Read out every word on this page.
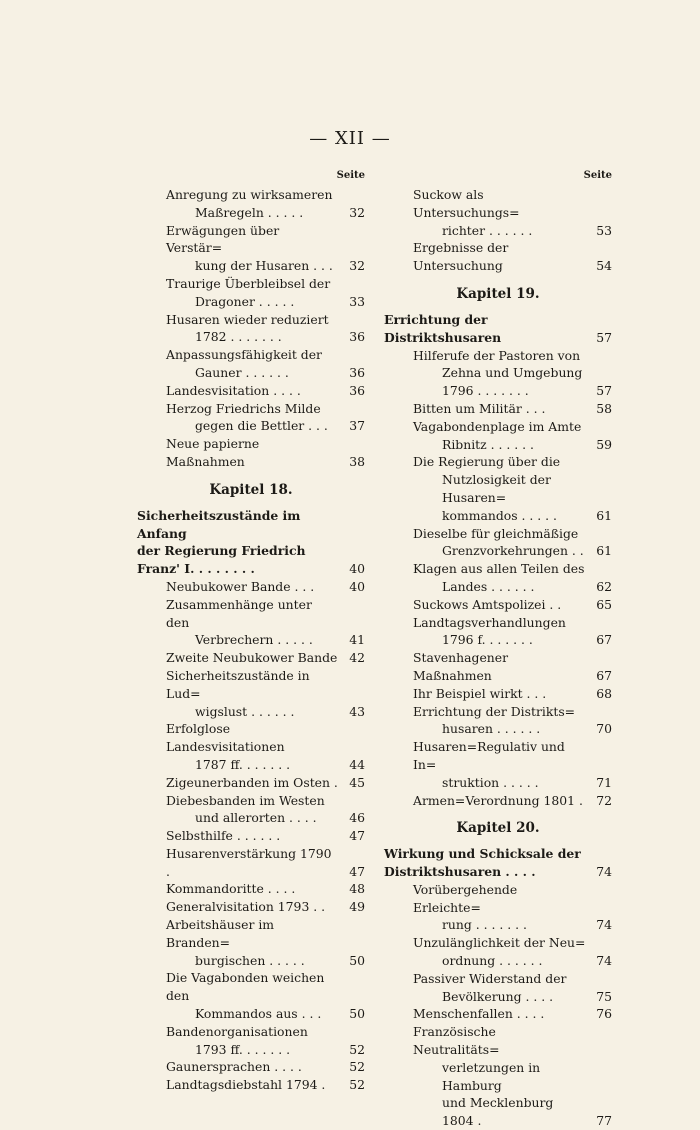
— XII —
Seite
Anregung zu wirksameren
Maßregeln . . . . .	32
Erwägungen über Verstär=
kung der Husaren . . .	32
Traurige Überbleibsel der
Dragoner . . . . .	33
Husaren wieder reduziert
1782 . . . . . . .	36
Anpassungsfähigkeit der
Gauner . . . . . .	36
Landesvisitation . . . .	36
Herzog Friedrichs Milde
gegen die Bettler . . .	37
Neue papierne Maßnahmen	38
Kapitel 18.
Sicherheitszustände im Anfang
der Regierung Friedrich
Franz' I. . . . . . . .	40
Neubukower Bande . . .	40
Zusammenhänge unter den
Verbrechern . . . . .	41
Zweite Neubukower Bande 42
Sicherheitszustände in Lud=
wigslust . . . . . .	43
Erfolglose Landesvisitationen
1787 ff. . . . . . .	44
Zigeunerbanden im Osten . 45
Diebesbanden im Westen
und allerorten . . . .	46
Selbsthilfe . . . . . .	47
Husarenverstärkung 1790 .	47
Kommandoritte . . . .	48
Generalvisitation 1793 . .	49
Arbeitshäuser im Branden=
burgischen . . . . .	50
Die Vagabonden weichen den
Kommandos aus . . .	50
Bandenorganisationen
1793 ff. . . . . . .	52
Gaunersprachen . . . .	52
Landtagsdiebstahl 1794 .	52
Seite
Suckow als Untersuchungs=
richter . . . . . .	53
Ergebnisse der Untersuchung	54
Kapitel 19.
Errichtung der Distriktshusaren	57
Hilferufe der Pastoren von
Zehna und Umgebung
1796 . . . . . . .	57
Bitten um Militär . . .	58
Vagabondenplage im Amte
Ribnitz . . . . . .	59
Die Regierung über die
Nutzlosigkeit der Husaren=
kommandos . . . . .	61
Dieselbe für gleichmäßige
Grenzvorkehrungen . .	61
Klagen aus allen Teilen des
Landes . . . . . .	62
Suckows Amtspolizei . .	65
Landtagsverhandlungen
1796 f. . . . . . .	67
Stavenhagener Maßnahmen	67
Ihr Beispiel wirkt . . .	68
Errichtung der Distrikts=
husaren . . . . . .	70
Husaren=Regulativ und In=
struktion . . . . .	71
Armen=Verordnung 1801 .	72
Kapitel 20.
Wirkung und Schicksale der
Distriktshusaren . . . .	74
Vorübergehende Erleichte=
rung . . . . . . .	74
Unzulänglichkeit der Neu=
ordnung . . . . . .	74
Passiver Widerstand der
Bevölkerung . . . .	75
Menschenfallen . . . .	76
Französische Neutralitäts=
verletzungen in Hamburg
und Mecklenburg 1804 .	77
